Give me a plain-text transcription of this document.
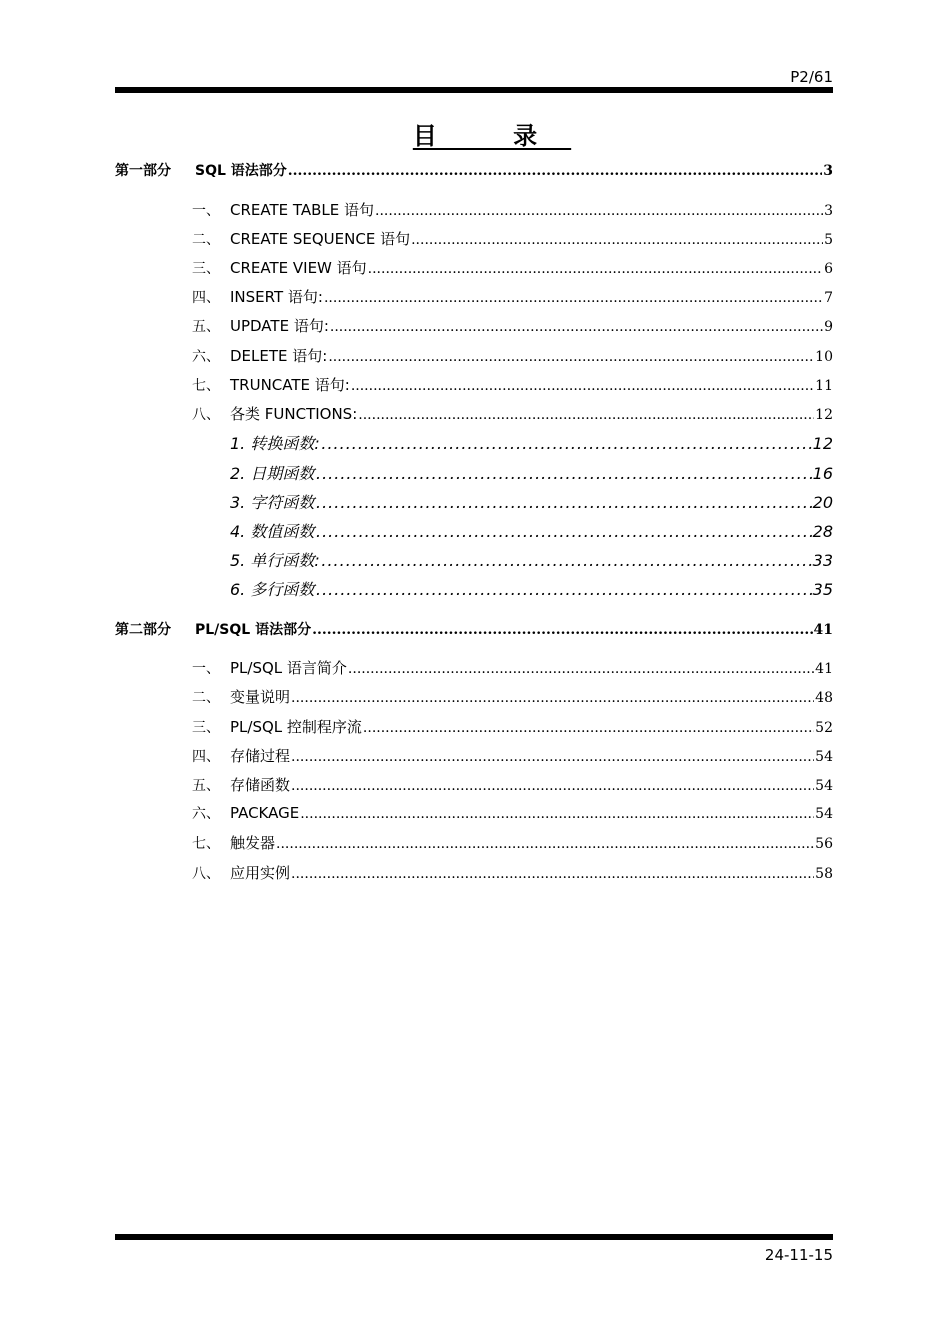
P2/61
目 录
第一部分	SQL 语法部分 .....	3
一、 CREATE TABLE 语句 .....	3
二、 CREATE SEQUENCE 语句 .....	5
三、 CREATE VIEW 语句 .....	6
四、 INSERT 语句: .....	7
五、 UPDATE 语句: .....	9
六、 DELETE 语句: .....	10
七、 TRUNCATE 语句: .....	11
八、 各类 FUNCTIONS: .....	12
1. 转换函数: .....	12
2. 日期函数 .....	16
3. 字符函数 .....	20
4. 数值函数 .....	28
5. 单行函数: .....	33
6. 多行函数 .....	35
第二部分	PL/SQL 语法部分 .....	41
一、 PL/SQL 语言简介 .....	41
二、 变量说明 .....	48
三、 PL/SQL 控制程序流 .....	52
四、 存储过程 .....	54
五、 存储函数 .....	54
六、 PACKAGE .....	54
七、 触发器 .....	56
八、 应用实例 .....	58
24-11-15
